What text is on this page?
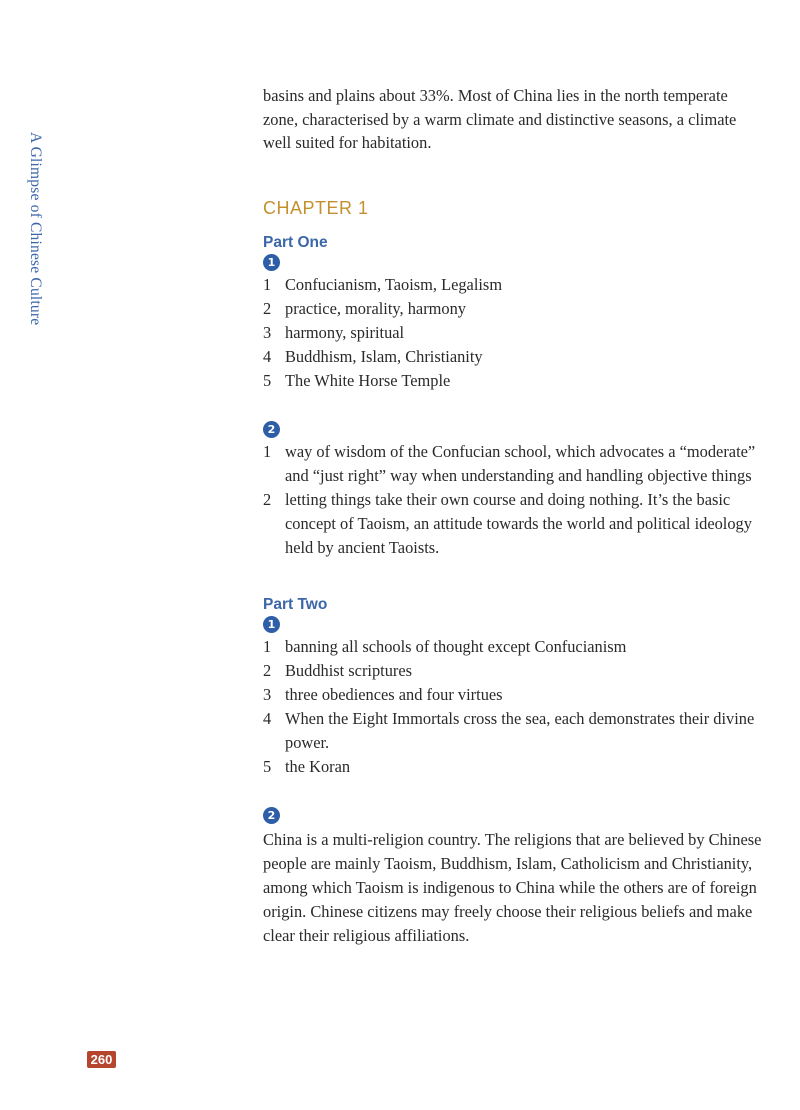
A Glimpse of Chinese Culture

basins and plains about 33%. Most of China lies in the north temperate zone, characterised by a warm climate and distinctive seasons, a climate well suited for habitation.

CHAPTER 1
Part One
1
1 Confucianism, Taoism, Legalism
2 practice, morality, harmony
3 harmony, spiritual
4 Buddhism, Islam, Christianity
5 The White Horse Temple
2
1 way of wisdom of the Confucian school, which advocates a “moderate” and “just right” way when understanding and handling objective things
2 letting things take their own course and doing nothing. It’s the basic concept of Taoism, an attitude towards the world and political ideology held by ancient Taoists.
Part Two
1
1 banning all schools of thought except Confucianism
2 Buddhist scriptures
3 three obediences and four virtues
4 When the Eight Immortals cross the sea, each demonstrates their divine power.
5 the Koran
2

China is a multi-religion country. The religions that are believed by Chinese people are mainly Taoism, Buddhism, Islam, Catholicism and Christianity, among which Taoism is indigenous to China while the others are of foreign origin. Chinese citizens may freely choose their religious beliefs and make clear their religious affiliations.

260
